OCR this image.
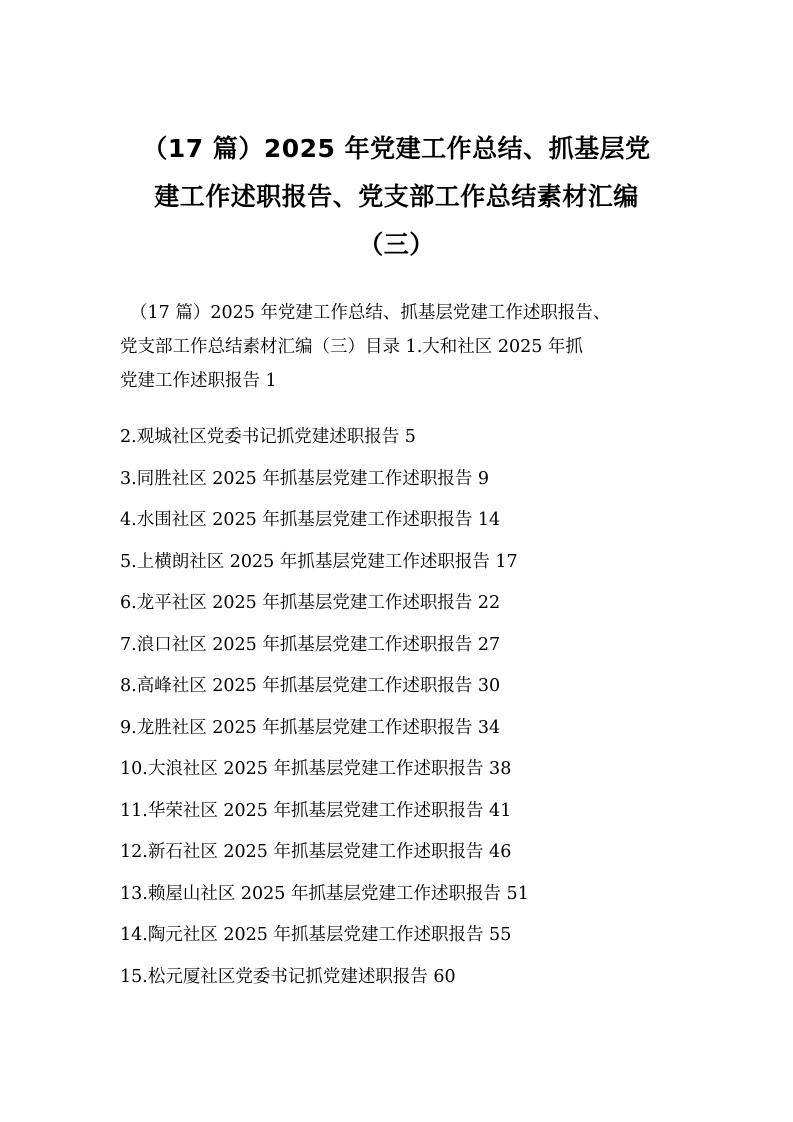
（17 篇）2025 年党建工作总结、抓基层党
建工作述职报告、党支部工作总结素材汇编
（三）
（17 篇）2025 年党建工作总结、抓基层党建工作述职报告、
党支部工作总结素材汇编（三）目录 1.大和社区 2025 年抓
党建工作述职报告 1
2.观城社区党委书记抓党建述职报告 5
3.同胜社区 2025 年抓基层党建工作述职报告 9
4.水围社区 2025 年抓基层党建工作述职报告 14
5.上横朗社区 2025 年抓基层党建工作述职报告 17
6.龙平社区 2025 年抓基层党建工作述职报告 22
7.浪口社区 2025 年抓基层党建工作述职报告 27
8.高峰社区 2025 年抓基层党建工作述职报告 30
9.龙胜社区 2025 年抓基层党建工作述职报告 34
10.大浪社区 2025 年抓基层党建工作述职报告 38
11.华荣社区 2025 年抓基层党建工作述职报告 41
12.新石社区 2025 年抓基层党建工作述职报告 46
13.赖屋山社区 2025 年抓基层党建工作述职报告 51
14.陶元社区 2025 年抓基层党建工作述职报告 55
15.松元厦社区党委书记抓党建述职报告 60
